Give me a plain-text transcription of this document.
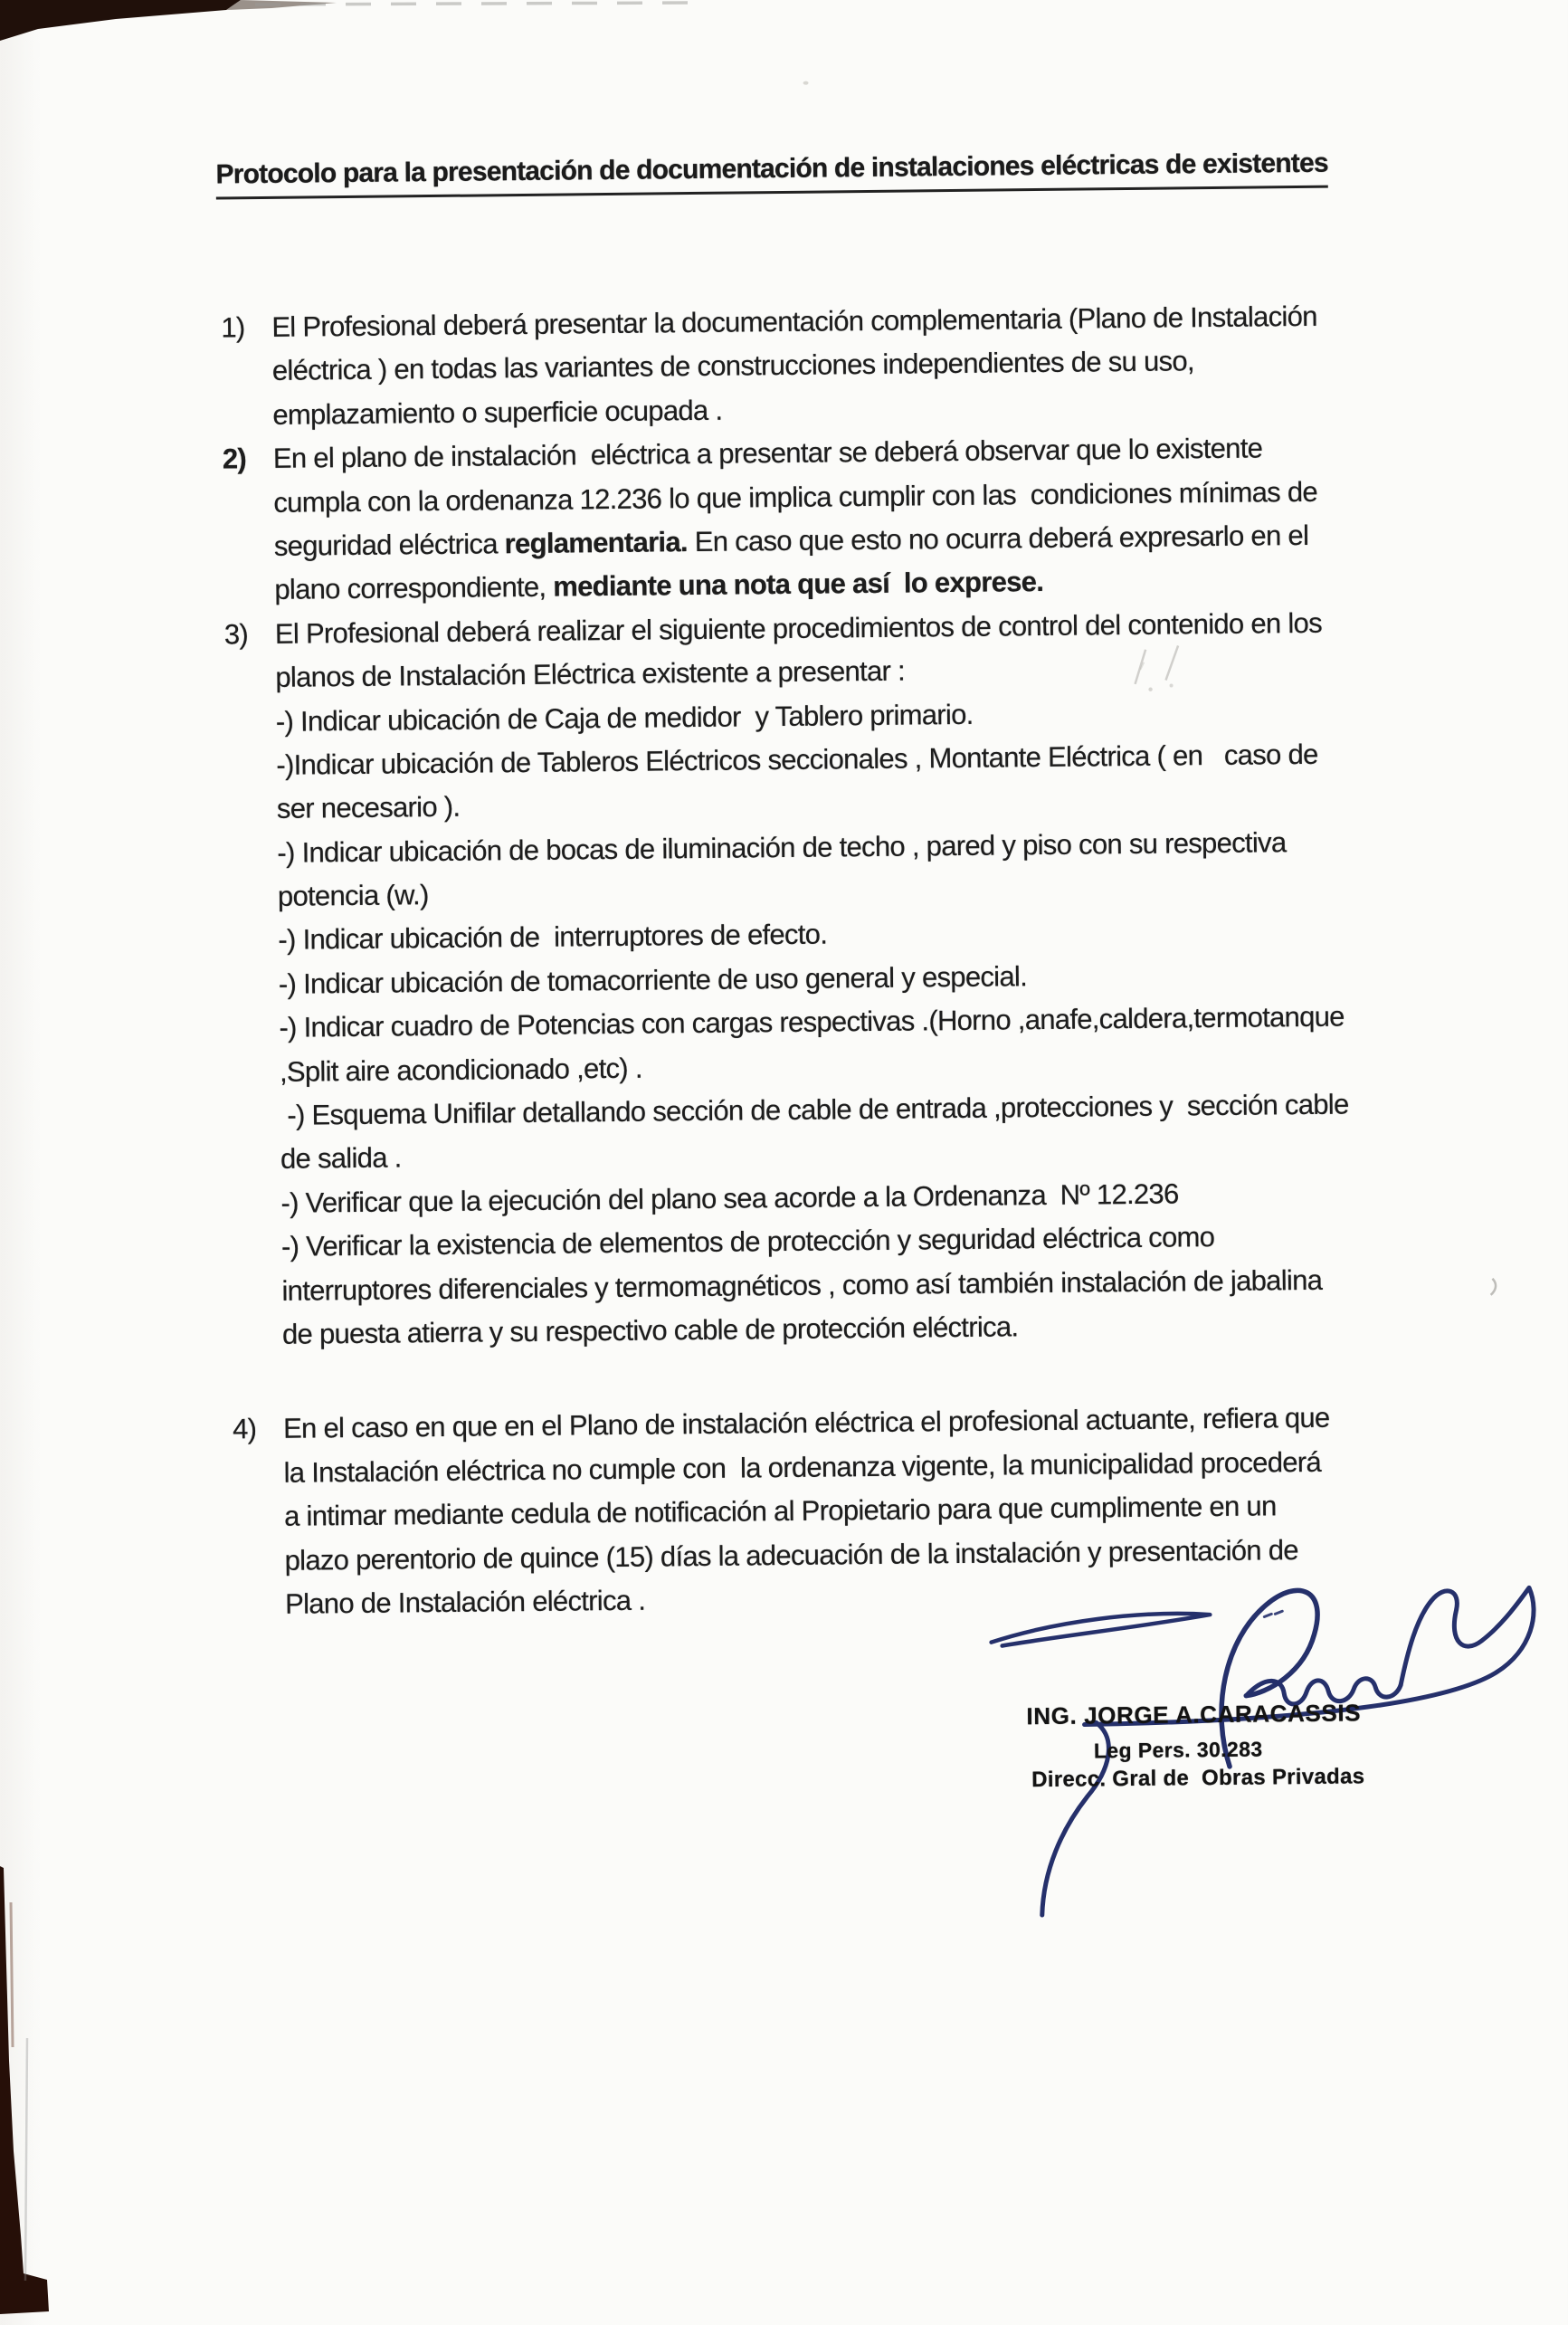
Protocolo para la presentación de documentación de instalaciones eléctricas de existentes
1) El Profesional deberá presentar la documentación complementaria (Plano de Instalación
eléctrica ) en todas las variantes de construcciones independientes de su uso,
emplazamiento o superficie ocupada .
2) En el plano de instalación  eléctrica a presentar se deberá observar que lo existente
cumpla con la ordenanza 12.236 lo que implica cumplir con las  condiciones mínimas de
seguridad eléctrica reglamentaria. En caso que esto no ocurra deberá expresarlo en el
plano correspondiente, mediante una nota que así  lo exprese.
3) El Profesional deberá realizar el siguiente procedimientos de control del contenido en los
planos de Instalación Eléctrica existente a presentar :
-) Indicar ubicación de Caja de medidor  y Tablero primario.
-)Indicar ubicación de Tableros Eléctricos seccionales , Montante Eléctrica ( en   caso de
ser necesario ).
-) Indicar ubicación de bocas de iluminación de techo , pared y piso con su respectiva
potencia (w.)
-) Indicar ubicación de  interruptores de efecto.
-) Indicar ubicación de tomacorriente de uso general y especial.
-) Indicar cuadro de Potencias con cargas respectivas .(Horno ,anafe,caldera,termotanque
,Split aire acondicionado ,etc) .
-) Esquema Unifilar detallando sección de cable de entrada ,protecciones y  sección cable
de salida .
-) Verificar que la ejecución del plano sea acorde a la Ordenanza  Nº 12.236
-) Verificar la existencia de elementos de protección y seguridad eléctrica como
interruptores diferenciales y termomagnéticos , como así también instalación de jabalina
de puesta atierra y su respectivo cable de protección eléctrica.
4) En el caso en que en el Plano de instalación eléctrica el profesional actuante, refiera que
la Instalación eléctrica no cumple con  la ordenanza vigente, la municipalidad procederá
a intimar mediante cedula de notificación al Propietario para que cumplimente en un
plazo perentorio de quince (15) días la adecuación de la instalación y presentación de
Plano de Instalación eléctrica .
ING. JORGE A.CARACASSIS
Leg Pers. 30.283
Direcc. Gral de  Obras Privadas
